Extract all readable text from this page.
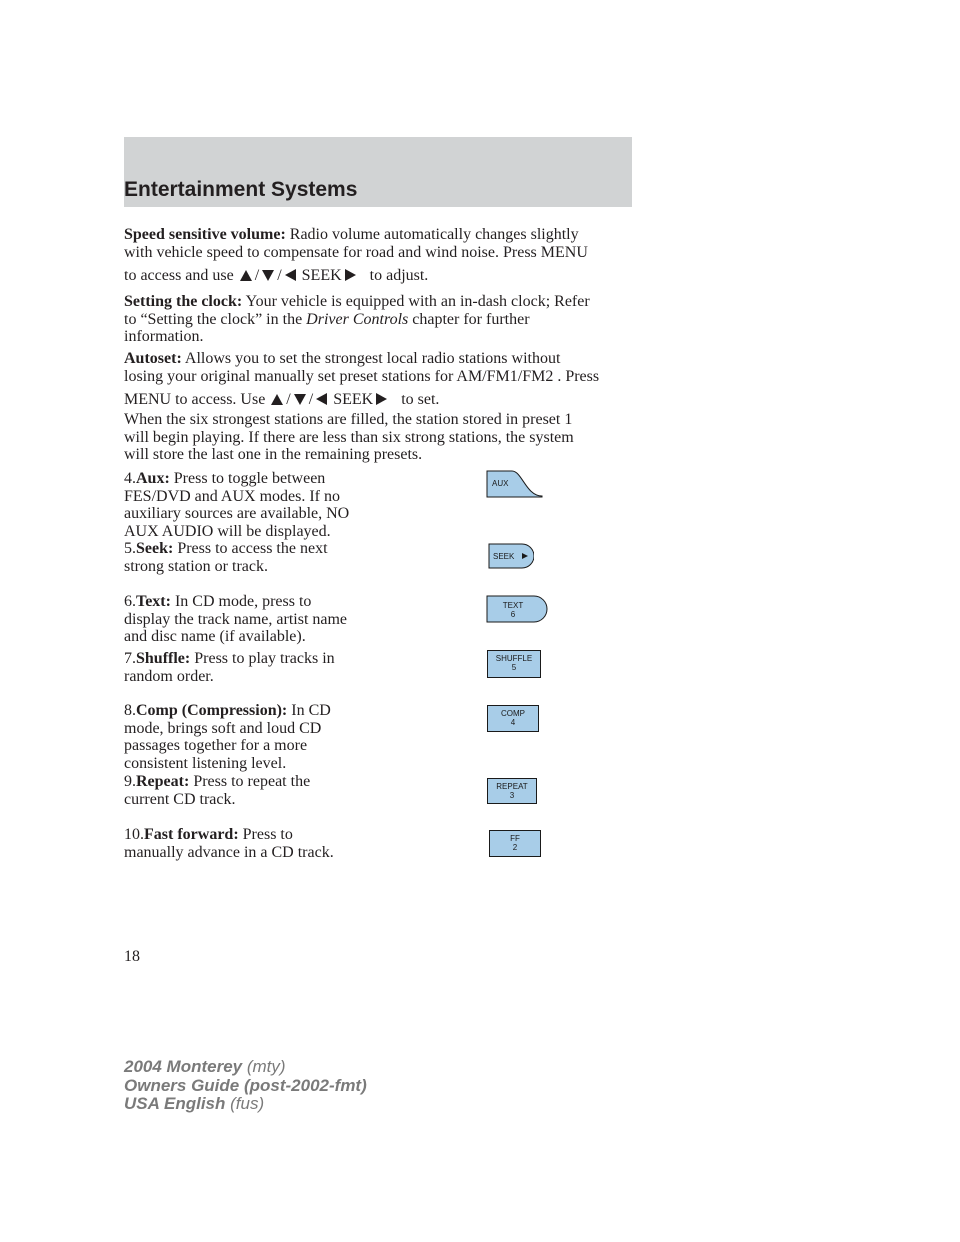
Entertainment Systems
Speed sensitive volume: Radio volume automatically changes slightly
with vehicle speed to compensate for road and wind noise. Press MENU
to access and use / / SEEK to adjust.
Setting the clock: Your vehicle is equipped with an in-dash clock; Refer
to “Setting the clock” in the Driver Controls chapter for further
information.
Autoset: Allows you to set the strongest local radio stations without
losing your original manually set preset stations for AM/FM1/FM2 . Press
MENU to access. Use / / SEEK to set.
When the six strongest stations are filled, the station stored in preset 1
will begin playing. If there are less than six strong stations, the system
will store the last one in the remaining presets.
4.Aux: Press to toggle between
FES/DVD and AUX modes. If no
auxiliary sources are available, NO
AUX AUDIO will be displayed.
5.Seek: Press to access the next
strong station or track.
6.Text: In CD mode, press to
display the track name, artist name
and disc name (if available).
7.Shuffle: Press to play tracks in
random order.
8.Comp (Compression): In CD
mode, brings soft and loud CD
passages together for a more
consistent listening level.
9.Repeat: Press to repeat the
current CD track.
10.Fast forward: Press to
manually advance in a CD track.
AUX
SEEK
TEXT
6
SHUFFLE
5
COMP
4
REPEAT
3
FF
2
18
2004 Monterey (mty)
Owners Guide (post-2002-fmt)
USA English (fus)
